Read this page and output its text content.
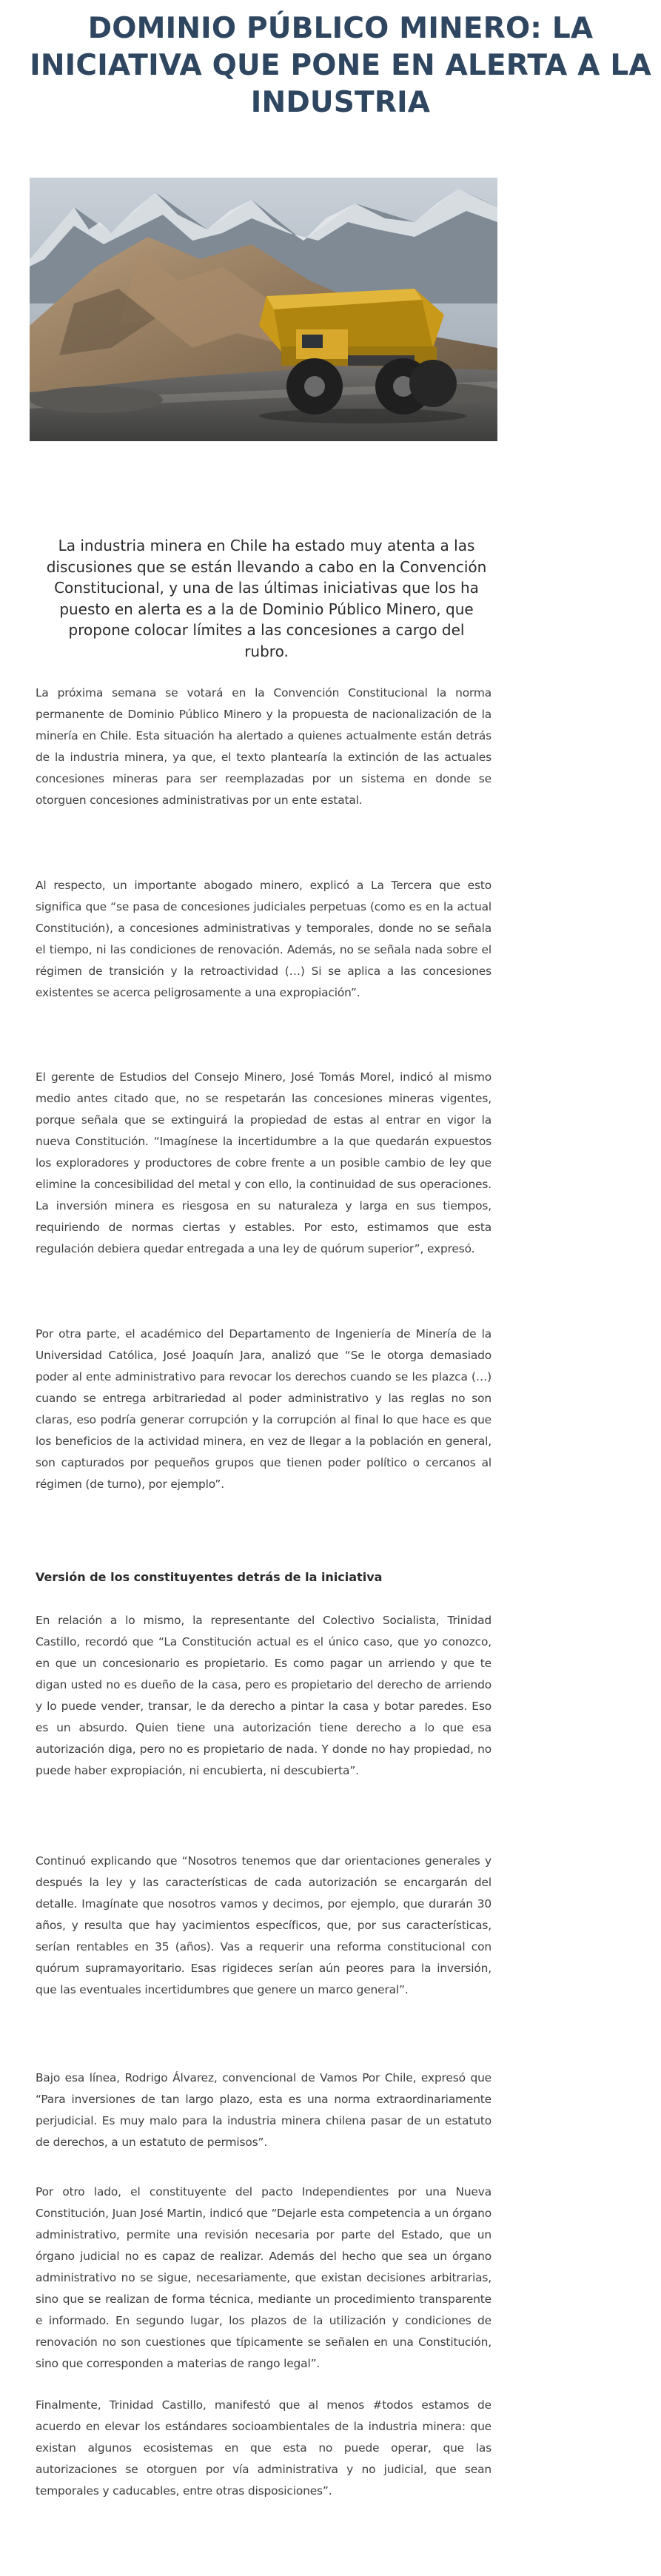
DOMINIO PÚBLICO MINERO: LA INICIATIVA QUE PONE EN ALERTA A LA INDUSTRIA

La industria minera en Chile ha estado muy atenta a las discusiones que se están llevando a cabo en la Convención Constitucional, y una de las últimas iniciativas que los ha puesto en alerta es a la de Dominio Público Minero, que propone colocar límites a las concesiones a cargo del rubro.

La próxima semana se votará en la Convención Constitucional la norma permanente de Dominio Público Minero y la propuesta de nacionalización de la minería en Chile. Esta situación ha alertado a quienes actualmente están detrás de la industria minera, ya que, el texto plantearía la extinción de las actuales concesiones mineras para ser reemplazadas por un sistema en donde se otorguen concesiones administrativas por un ente estatal.

Al respecto, un importante abogado minero, explicó a La Tercera que esto significa que “se pasa de concesiones judiciales perpetuas (como es en la actual Constitución), a concesiones administrativas y temporales, donde no se señala el tiempo, ni las condiciones de renovación. Además, no se señala nada sobre el régimen de transición y la retroactividad (…) Si se aplica a las concesiones existentes se acerca peligrosamente a una expropiación”.

El gerente de Estudios del Consejo Minero, José Tomás Morel, indicó al mismo medio antes citado que, no se respetarán las concesiones mineras vigentes, porque señala que se extinguirá la propiedad de estas al entrar en vigor la nueva Constitución. “Imagínese la incertidumbre a la que quedarán expuestos los exploradores y productores de cobre frente a un posible cambio de ley que elimine la concesibilidad del metal y con ello, la continuidad de sus operaciones. La inversión minera es riesgosa en su naturaleza y larga en sus tiempos, requiriendo de normas ciertas y estables. Por esto, estimamos que esta regulación debiera quedar entregada a una ley de quórum superior”, expresó.

Por otra parte, el académico del Departamento de Ingeniería de Minería de la Universidad Católica, José Joaquín Jara, analizó que “Se le otorga demasiado poder al ente administrativo para revocar los derechos cuando se les plazca (…) cuando se entrega arbitrariedad al poder administrativo y las reglas no son claras, eso podría generar corrupción y la corrupción al final lo que hace es que los beneficios de la actividad minera, en vez de llegar a la población en general, son capturados por pequeños grupos que tienen poder político o cercanos al régimen (de turno), por ejemplo”.

Versión de los constituyentes detrás de la iniciativa

En relación a lo mismo, la representante del Colectivo Socialista, Trinidad Castillo, recordó que “La Constitución actual es el único caso, que yo conozco, en que un concesionario es propietario. Es como pagar un arriendo y que te digan usted no es dueño de la casa, pero es propietario del derecho de arriendo y lo puede vender, transar, le da derecho a pintar la casa y botar paredes. Eso es un absurdo. Quien tiene una autorización tiene derecho a lo que esa autorización diga, pero no es propietario de nada. Y donde no hay propiedad, no puede haber expropiación, ni encubierta, ni descubierta”.

Continuó explicando que “Nosotros tenemos que dar orientaciones generales y después la ley y las características de cada autorización se encargarán del detalle. Imagínate que nosotros vamos y decimos, por ejemplo, que durarán 30 años, y resulta que hay yacimientos específicos, que, por sus características, serían rentables en 35 (años). Vas a requerir una reforma constitucional con quórum supramayoritario. Esas rigideces serían aún peores para la inversión, que las eventuales incertidumbres que genere un marco general”.

Bajo esa línea, Rodrigo Álvarez, convencional de Vamos Por Chile, expresó que “Para inversiones de tan largo plazo, esta es una norma extraordinariamente perjudicial. Es muy malo para la industria minera chilena pasar de un estatuto de derechos, a un estatuto de permisos”.

Por otro lado, el constituyente del pacto Independientes por una Nueva Constitución, Juan José Martin, indicó que “Dejarle esta competencia a un órgano administrativo, permite una revisión necesaria por parte del Estado, que un órgano judicial no es capaz de realizar. Además del hecho que sea un órgano administrativo no se sigue, necesariamente, que existan decisiones arbitrarias, sino que se realizan de forma técnica, mediante un procedimiento transparente e informado. En segundo lugar, los plazos de la utilización y condiciones de renovación no son cuestiones que típicamente se señalen en una Constitución, sino que corresponden a materias de rango legal”.

Finalmente, Trinidad Castillo, manifestó que al menos #todos estamos de acuerdo en elevar los estándares socioambientales de la industria minera: que existan algunos ecosistemas en que esta no puede operar, que las autorizaciones se otorguen por vía administrativa y no judicial, que sean temporales y caducables, entre otras disposiciones”.
